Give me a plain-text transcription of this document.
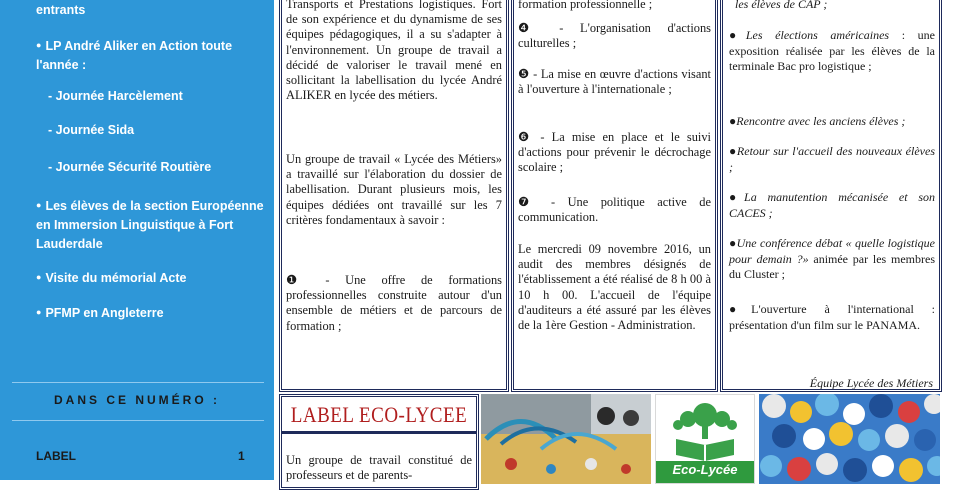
entrants
● LP André Aliker en Action toute
l'année :
- Journée Harcèlement
- Journée Sida
- Journée Sécurité Routière
● Les élèves de la section Européenne
en Immersion Linguistique à Fort
Lauderdale
● Visite du mémorial Acte
● PFMP en Angleterre
DANS CE NUMÉRO :
LABEL	1
Transports et Prestations logistiques. Fort de son expérience et du dynamisme de ses équipes pédagogiques, il a su s'adapter à l'environnement. Un groupe de travail a décidé de valoriser le travail mené en sollicitant la labellisation du lycée André ALIKER en lycée des métiers.
Un groupe de travail « Lycée des Métiers» a travaillé sur l'élaboration du dossier de labellisation. Durant plusieurs mois, les équipes dédiées ont travaillé sur les 7 critères fondamentaux à savoir :
❶ - Une offre de formations professionnelles construite autour d'un ensemble de métiers et de parcours de formation ;
formation professionnelle ;
❹ - L'organisation d'actions culturelles ;
❺ - La mise en œuvre d'actions visant à l'ouverture à l'internationale ;
❻ - La mise en place et le suivi d'actions pour prévenir le décrochage scolaire ;
❼ - Une politique active de communication.
Le mercredi 09 novembre 2016, un audit des membres désignés de l'établissement a été réalisé de 8 h 00 à 10 h 00. L'accueil de l'équipe d'auditeurs a été assuré par les élèves de la 1ère Gestion - Administration.
les élèves de CAP ;
●Les élections américaines : une exposition réalisée par les élèves de la terminale Bac pro logistique ;
●Rencontre avec les anciens élèves ;
●Retour sur l'accueil des nouveaux élèves ;
●La manutention mécanisée et son CACES ;
●Une conférence débat « quelle logistique pour demain ?» animée par les membres du Cluster ;
●L'ouverture à l'international : présentation d'un film sur le PANAMA.
Équipe Lycée des Métiers
LABEL ECO-LYCEE
Un groupe de travail constitué de professeurs et de parents-	Eco-Lycée
